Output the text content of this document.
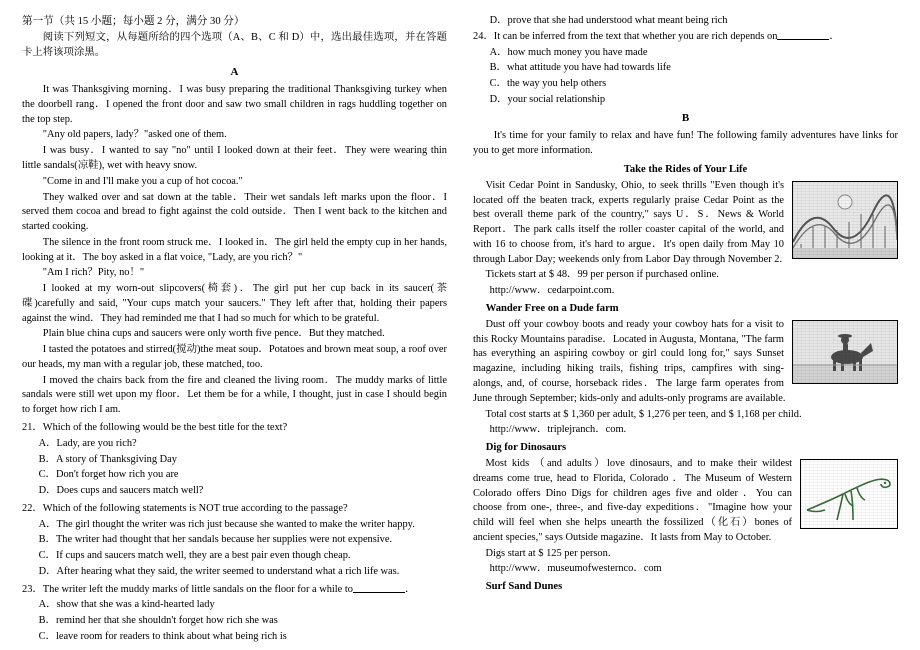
第一节（共 15 小题；每小题 2 分，满分 30 分）

阅读下列短文，从每题所给的四个选项（A、B、C 和 D）中，选出最佳选项，并在答题卡上将该项涂黑。

A

It was Thanksgiving morning．I was busy preparing the traditional Thanksgiving turkey when the doorbell rang．I opened the front door and saw two small children in rags huddling together on the top step.

"Any old papers, lady？"asked one of them.

I was busy．I wanted to say "no" until I looked down at their feet．They were wearing thin little sandals(凉鞋), wet with heavy snow.

"Come in and I'll make you a cup of hot cocoa."

They walked over and sat down at the table．Their wet sandals left marks upon the floor．I served them cocoa and bread to fight against the cold outside．Then I went back to the kitchen and started cooking.

The silence in the front room struck me．I looked in．The girl held the empty cup in her hands, looking at it．The boy asked in a flat voice, "Lady, are you rich？"

"Am I rich？Pity, no！"

I looked at my worn-out slipcovers(椅套)．The girl put her cup back in its saucer(茶碟)carefully and said, "Your cups match your saucers." They left after that, holding their papers against the wind．They had reminded me that I had so much for which to be grateful.

Plain blue china cups and saucers were only worth five pence．But they matched.

I tasted the potatoes and stirred(搅动)the meat soup．Potatoes and brown meat soup, a roof over our heads, my man with a regular job, these matched, too.

I moved the chairs back from the fire and cleaned the living room．The muddy marks of little sandals were still wet upon my floor．Let them be for a while, I thought, just in case I should begin to forget how rich I am.

21．Which of the following would be the best title for the text?

A．Lady, are you rich?

B．A story of Thanksgiving Day

C．Don't forget how rich you are

D．Does cups and saucers match well?

22．Which of the following statements is NOT true according to the passage?

A．The girl thought the writer was rich just because she wanted to make the writer happy.

B．The writer had thought that her sandals because her supplies were not expensive.

C．If cups and saucers match well, they are a best pair even though cheap.

D．After hearing what they said, the writer seemed to understand what a rich life was.

23．The writer left the muddy marks of little sandals on the floor for a while to	．

A．show that she was a kind-hearted lady

B．remind her that she shouldn't forget how rich she was

C．leave room for readers to think about what being rich is

D．prove that she had understood what meant being rich

24．It can be inferred from the text that whether you are rich depends on	．

A．how much money you have made

B．what attitude you have had towards life

C．the way you help others

D．your social relationship

B

It's time for your family to relax and have fun! The following family adventures have links for you to get more information.

Take the Rides of Your Life

Visit Cedar Point in Sandusky, Ohio, to seek thrills "Even though it's located off the beaten track, experts regularly praise Cedar Point as the best overall theme park of the country," says U．S．News & World Report．The park calls itself the roller coaster capital of the world, and with 16 to choose from, it's hard to argue．It's open daily from May 10 through Labor Day; weekends only from Labor Day through November 2.

Tickets start at $ 48．99 per person if purchased online.

http://www．cedarpoint.com.

Wander Free on a Dude farm

Dust off your cowboy boots and ready your cowboy hats for a visit to this Rocky Mountains paradise．Located in Augusta, Montana, "The farm has everything an aspiring cowboy or girl could long for," says Sunset magazine, including hiking trails, fishing trips, campfires with sing-alongs, and, of course, horseback rides．The large farm operates from June through September; kids-only and adults-only programs are available.

Total cost starts at $ 1,360 per adult, $ 1,276 per teen, and $ 1,168 per child.

http://www．triplejranch．com.

Dig for Dinosaurs

Most kids （and adults）love dinosaurs, and to make their wildest dreams come true, head to Florida, Colorado ．The Museum of Western Colorado offers Dino Digs for children ages five and older ．You can choose from one-, three-, and five-day expeditions．"Imagine how your child will feel when she helps unearth the fossilized（化石）bones of ancient species," says Outside magazine．It lasts from May to October.

Digs start at $ 125 per person.

http://www．museumofwesternco．com

Surf Sand Dunes
